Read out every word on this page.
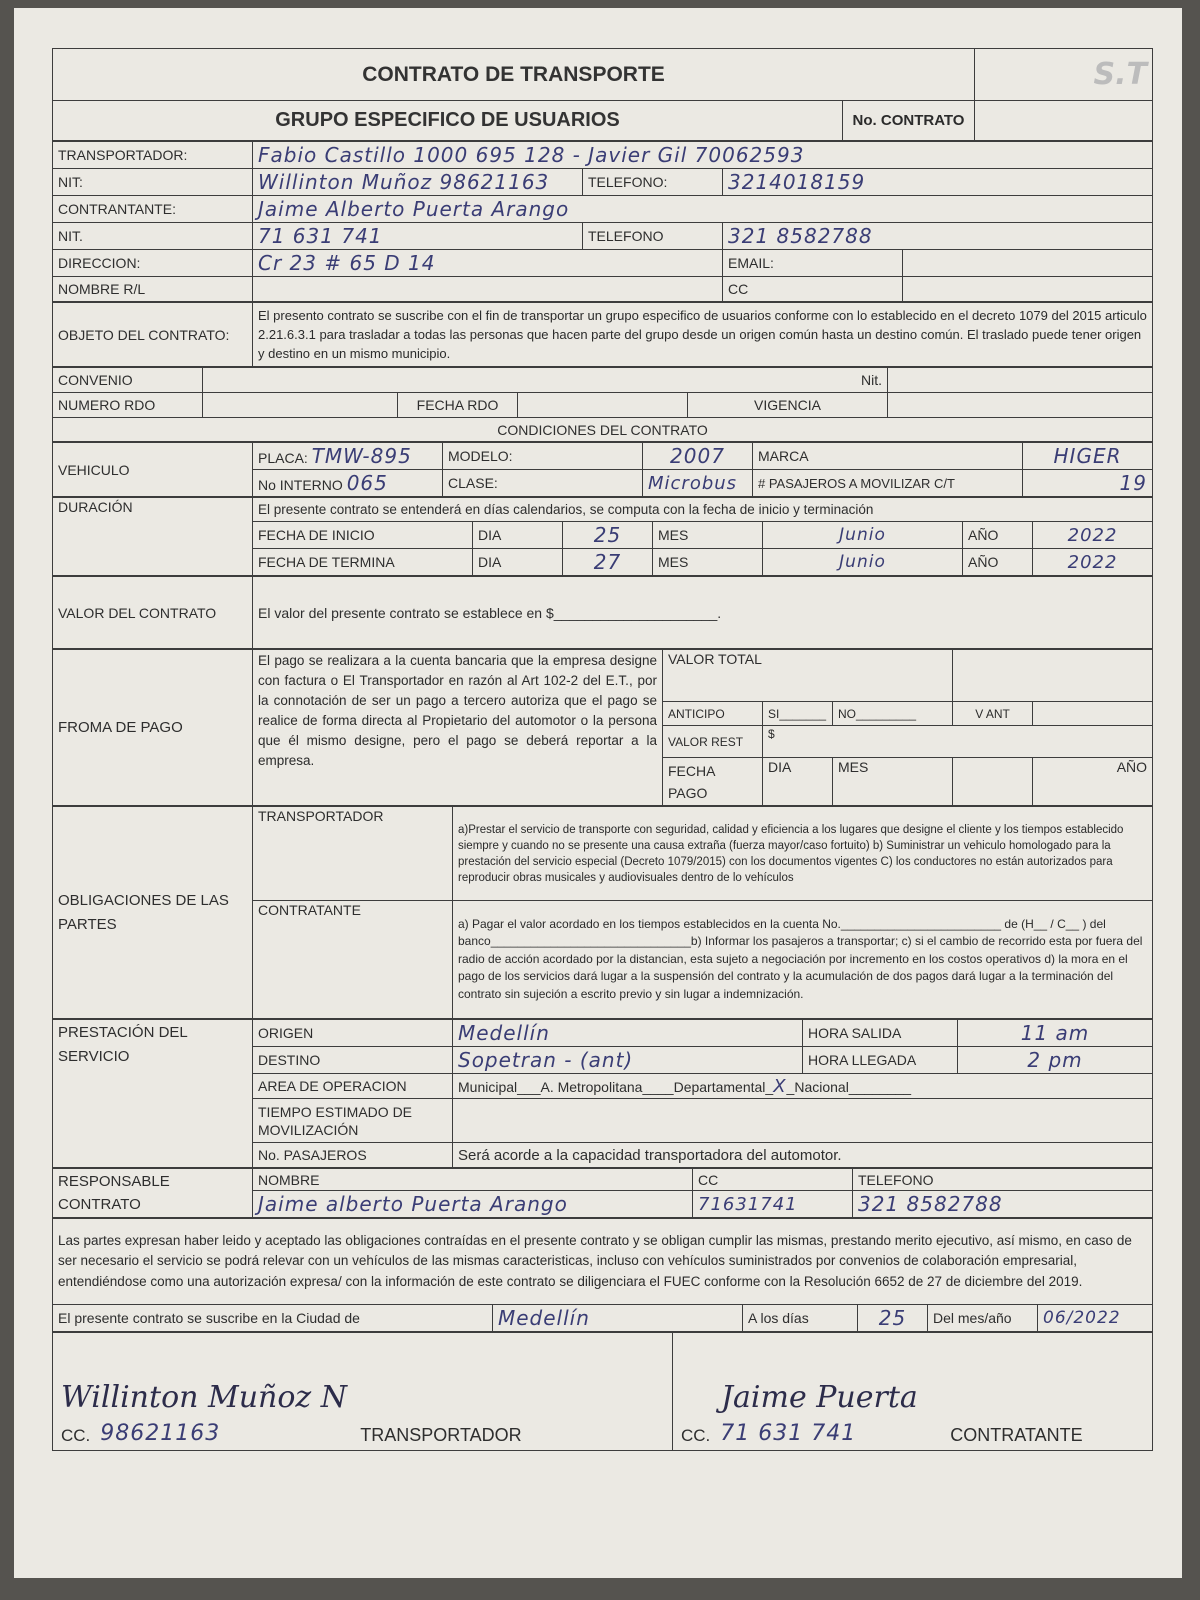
CONTRATO DE TRANSPORTE		S.T
GRUPO ESPECIFICO DE USUARIOS	No. CONTRATO	
TRANSPORTADOR:	Fabio Castillo 1000 695 128 - Javier Gil 70062593			
NIT:	Willinton Muñoz 98621163	TELEFONO:	3214018159	
CONTRANTANTE:	Jaime Alberto Puerta Arango			
NIT.	71 631 741	TELEFONO	321 8582788	
DIRECCION:	Cr 23 # 65 D 14		EMAIL:	
NOMBRE R/L			CC	
OBJETO DEL CONTRATO:	El presento contrato se suscribe con el fin de transportar un grupo especifico de usuarios conforme con lo establecido en el decreto 1079 del 2015 articulo 2.21.6.3.1 para trasladar a todas las personas que hacen parte del grupo desde un origen común hasta un destino común. El traslado puede tener origen y destino en un mismo municipio.
CONVENIO	Nit.				
NUMERO RDO		FECHA RDO		VIGENCIA	
CONDICIONES DEL CONTRATO					
VEHICULO	PLACA: TMW-895	MODELO:	2007	MARCA	HIGER
	No INTERNO 065	CLASE:	Microbus	# PASAJEROS A MOVILIZAR C/T	19
DURACIÓN	El presente contrato se entenderá en días calendarios, se computa con la fecha de inicio y terminación						
	FECHA DE INICIO	DIA	25	MES	Junio	AÑO	2022
	FECHA DE TERMINA	DIA	27	MES	Junio	AÑO	2022
VALOR DEL CONTRATO	El valor del presente contrato se establece en $_____________________.
FROMA DE PAGO	El pago se realizara a la cuenta bancaria que la empresa designe con factura o El Transportador en razón al Art 102-2 del E.T., por la connotación de ser un pago a tercero autoriza que el pago se realice de forma directa al Propietario del automotor o la persona que él mismo designe, pero el pago se deberá reportar a la empresa.	VALOR TOTAL				
		ANTICIPO	SI_______	NO_________	V ANT	
		VALOR REST	$			
		FECHA PAGO	DIA	MES		AÑO
OBLIGACIONES DE LAS PARTES	TRANSPORTADOR	a)Prestar el servicio de transporte con seguridad, calidad y eficiencia a los lugares que designe el cliente y los tiempos establecido siempre y cuando no se presente una causa extraña (fuerza mayor/caso fortuito) b) Suministrar un vehiculo homologado para la prestación del servicio especial (Decreto 1079/2015) con los documentos vigentes C) los conductores no están autorizados para reproducir obras musicales y audiovisuales dentro de lo vehículos
	CONTRATANTE	a) Pagar el valor acordado en los tiempos establecidos en la cuenta No.________________________ de (H__ / C__ ) del banco______________________________b) Informar los pasajeros a transportar; c) si el cambio de recorrido esta por fuera del radio de acción acordado por la distancian, esta sujeto a negociación por incremento en los costos operativos d) la mora en el pago de los servicios dará lugar a la suspensión del contrato y la acumulación de dos pagos dará lugar a la terminación del contrato sin sujeción a escrito previo y sin lugar a indemnización.
PRESTACIÓN DEL SERVICIO	ORIGEN	Medellín	HORA SALIDA	11 am
	DESTINO	Sopetran - (ant)	HORA LLEGADA	2 pm
	AREA DE OPERACION	Municipal___A. Metropolitana____Departamental_X_Nacional________		
	TIEMPO ESTIMADO DE MOVILIZACIÓN			
	No. PASAJEROS	Será acorde a la capacidad transportadora del automotor.		
RESPONSABLE CONTRATO	NOMBRE	CC	TELEFONO
	Jaime alberto Puerta Arango	71631741	321 8582788
Las partes expresan haber leido y aceptado las obligaciones contraídas en el presente contrato y se obligan cumplir las mismas, prestando merito ejecutivo, así mismo, en caso de ser necesario el servicio se podrá relevar con un vehículos de las mismas caracteristicas, incluso con vehículos suministrados por convenios de colaboración empresarial, entendiéndose como una autorización expresa/ con la información de este contrato se diligenciara el FUEC conforme con la Resolución 6652 de 27 de diciembre del 2019.
El presente contrato se suscribe en la Ciudad de	Medellín	A los días	25	Del mes/año	06/2022
Willinton Muñoz N
CC. 98621163	TRANSPORTADOR

Jaime Puerta
CC. 71 631 741	CONTRATANTE
